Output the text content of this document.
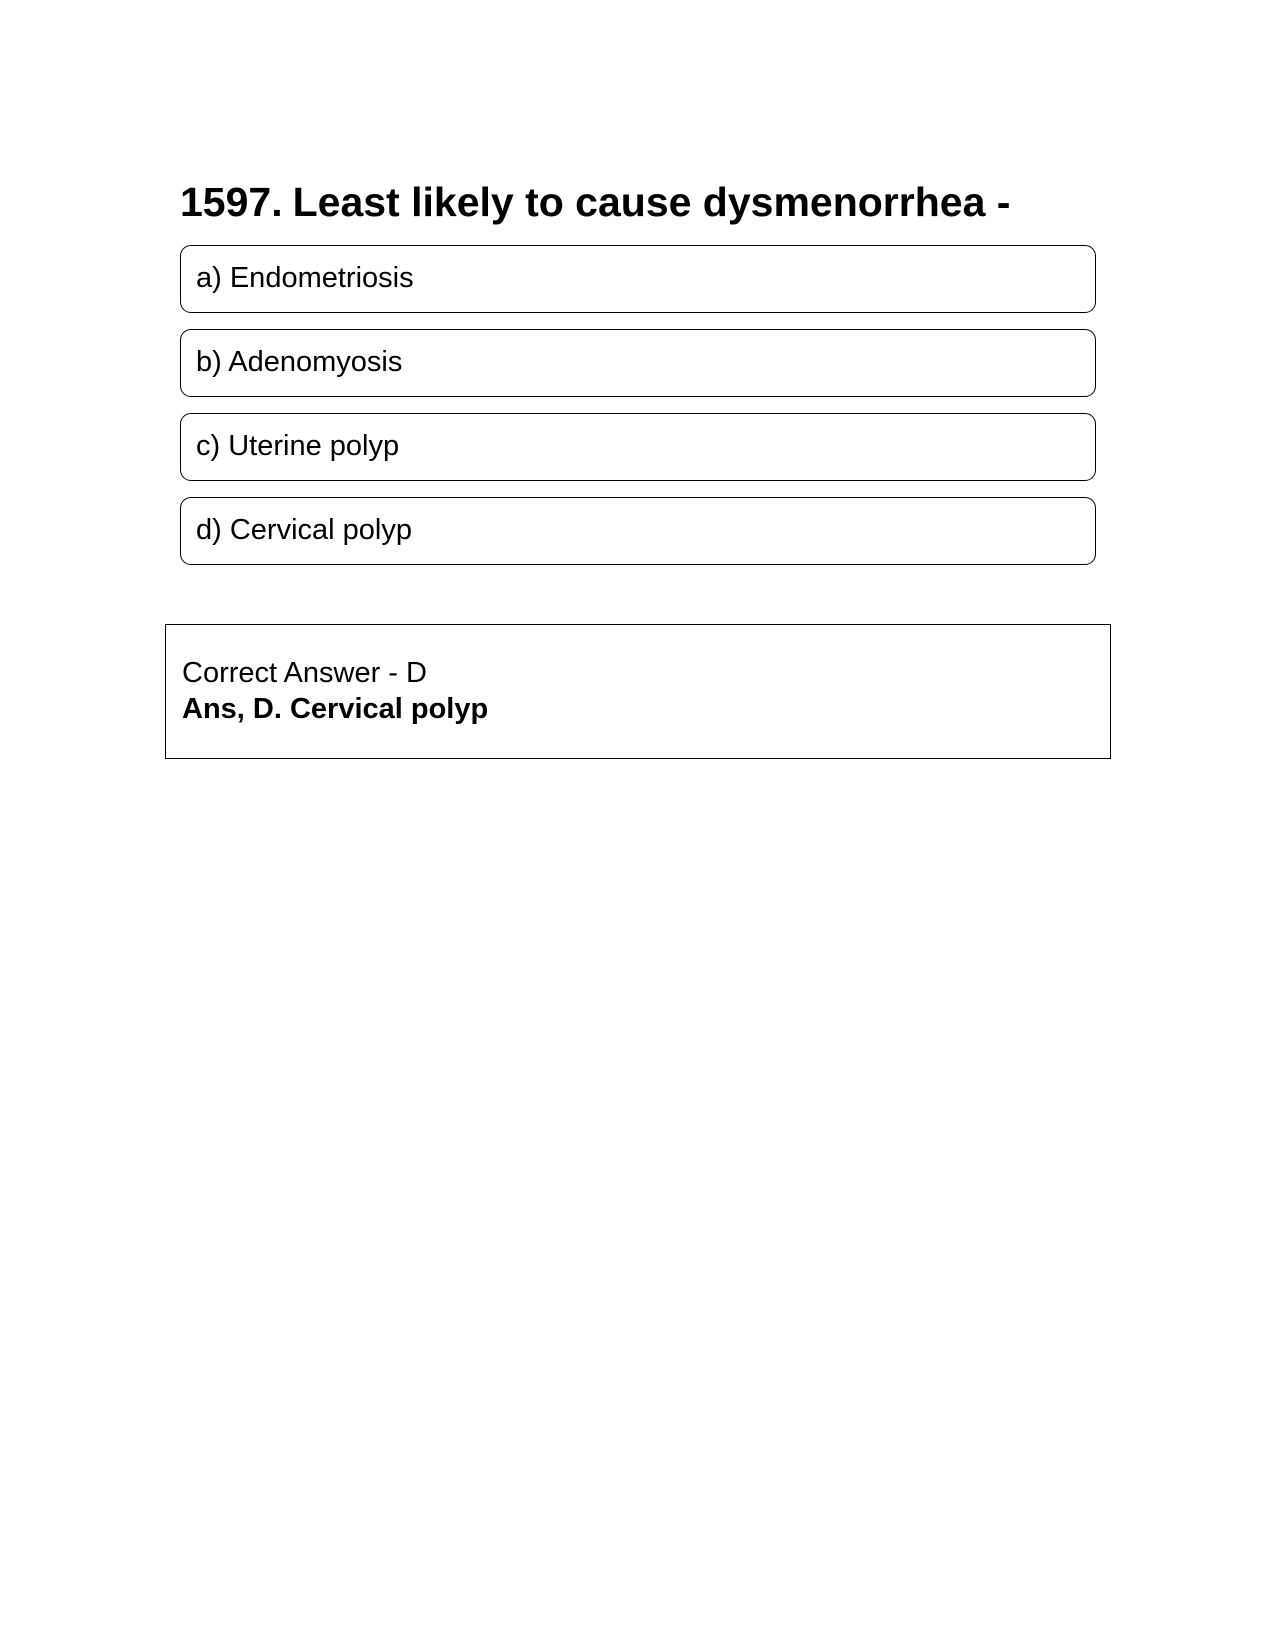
1597. Least likely to cause dysmenorrhea -
a) Endometriosis
b) Adenomyosis
c) Uterine polyp
d) Cervical polyp
Correct Answer - D
Ans, D. Cervical polyp
